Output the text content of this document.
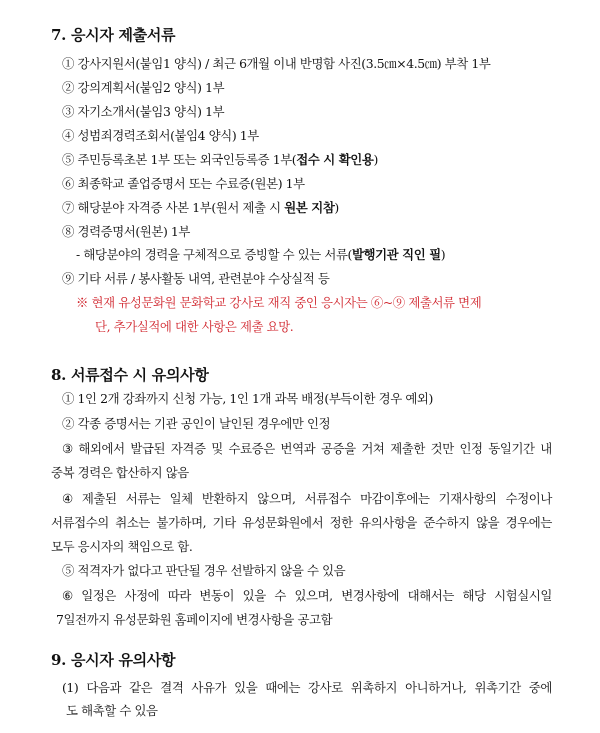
7. 응시자 제출서류
① 강사지원서(붙임1 양식) / 최근 6개월 이내 반명함 사진(3.5㎝×4.5㎝) 부착 1부
② 강의계획서(붙임2 양식) 1부
③ 자기소개서(붙임3 양식) 1부
④ 성범죄경력조회서(붙임4 양식) 1부
⑤ 주민등록초본 1부 또는 외국인등록증 1부(접수 시 확인용)
⑥ 최종학교 졸업증명서 또는 수료증(원본) 1부
⑦ 해당분야 자격증 사본 1부(원서 제출 시 원본 지참)
⑧ 경력증명서(원본) 1부
- 해당분야의 경력을 구체적으로 증빙할 수 있는 서류(발행기관 직인 필)
⑨ 기타 서류 / 봉사활동 내역, 관련분야 수상실적 등
※ 현재 유성문화원 문화학교 강사로 재직 중인 응시자는 ⑥~⑨ 제출서류 면제
단, 추가실적에 대한 사항은 제출 요망.
8. 서류접수 시 유의사항
① 1인 2개 강좌까지 신청 가능, 1인 1개 과목 배정(부득이한 경우 예외)
② 각종 증명서는 기관 공인이 날인된 경우에만 인정
③ 해외에서 발급된 자격증 및 수료증은 번역과 공증을 거쳐 제출한 것만 인정 동일기간 내
중복 경력은 합산하지 않음
④ 제출된 서류는 일체 반환하지 않으며, 서류접수 마감이후에는 기재사항의 수정이나
서류접수의 취소는 불가하며, 기타 유성문화원에서 정한 유의사항을 준수하지 않을 경우에는
모두 응시자의 책임으로 함.
⑤ 적격자가 없다고 판단될 경우 선발하지 않을 수 있음
⑥ 일정은 사정에 따라 변동이 있을 수 있으며, 변경사항에 대해서는 해당 시험실시일
7일전까지 유성문화원 홈페이지에 변경사항을 공고함
9. 응시자 유의사항
(1) 다음과 같은 결격 사유가 있을 때에는 강사로 위촉하지 아니하거나, 위촉기간 중에
도 해촉할 수 있음
